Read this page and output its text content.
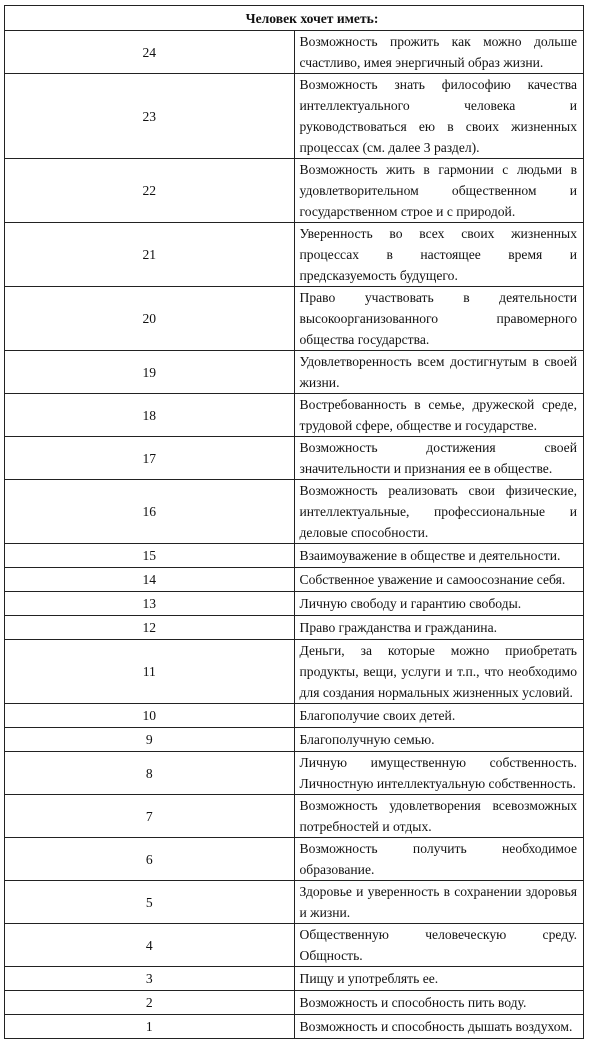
Человек хочет иметь:	
24	Возможность прожить как можно дольше счастливо, имея энергичный образ жизни.
23	Возможность знать философию качества интеллектуального человека и руководствоваться ею в своих жизненных процессах (см. далее 3 раздел).
22	Возможность жить в гармонии с людьми в удовлетворительном общественном и государственном строе и с природой.
21	Уверенность во всех своих жизненных процессах в настоящее время и предсказуемость будущего.
20	Право участвовать в деятельности высокоорганизованного правомерного общества государства.
19	Удовлетворенность всем достигнутым в своей жизни.
18	Востребованность в семье, дружеской среде, трудовой сфере, обществе и государстве.
17	Возможность достижения своей значительности и признания ее в обществе.
16	Возможность реализовать свои физические, интеллектуальные, профессиональные и деловые способности.
15	Взаимоуважение в обществе и деятельности.
14	Собственное уважение и самоосознание себя.
13	Личную свободу и гарантию свободы.
12	Право гражданства и гражданина.
11	Деньги, за которые можно приобретать продукты, вещи, услуги и т.п., что необходимо для создания нормальных жизненных условий.
10	Благополучие своих детей.
9	Благополучную семью.
8	Личную имущественную собственность. Личностную интеллектуальную собственность.
7	Возможность удовлетворения всевозможных потребностей и отдых.
6	Возможность получить необходимое образование.
5	Здоровье и уверенность в сохранении здоровья и жизни.
4	Общественную человеческую среду. Общность.
3	Пищу и употреблять ее.
2	Возможность и способность пить воду.
1	Возможность и способность дышать воздухом.
